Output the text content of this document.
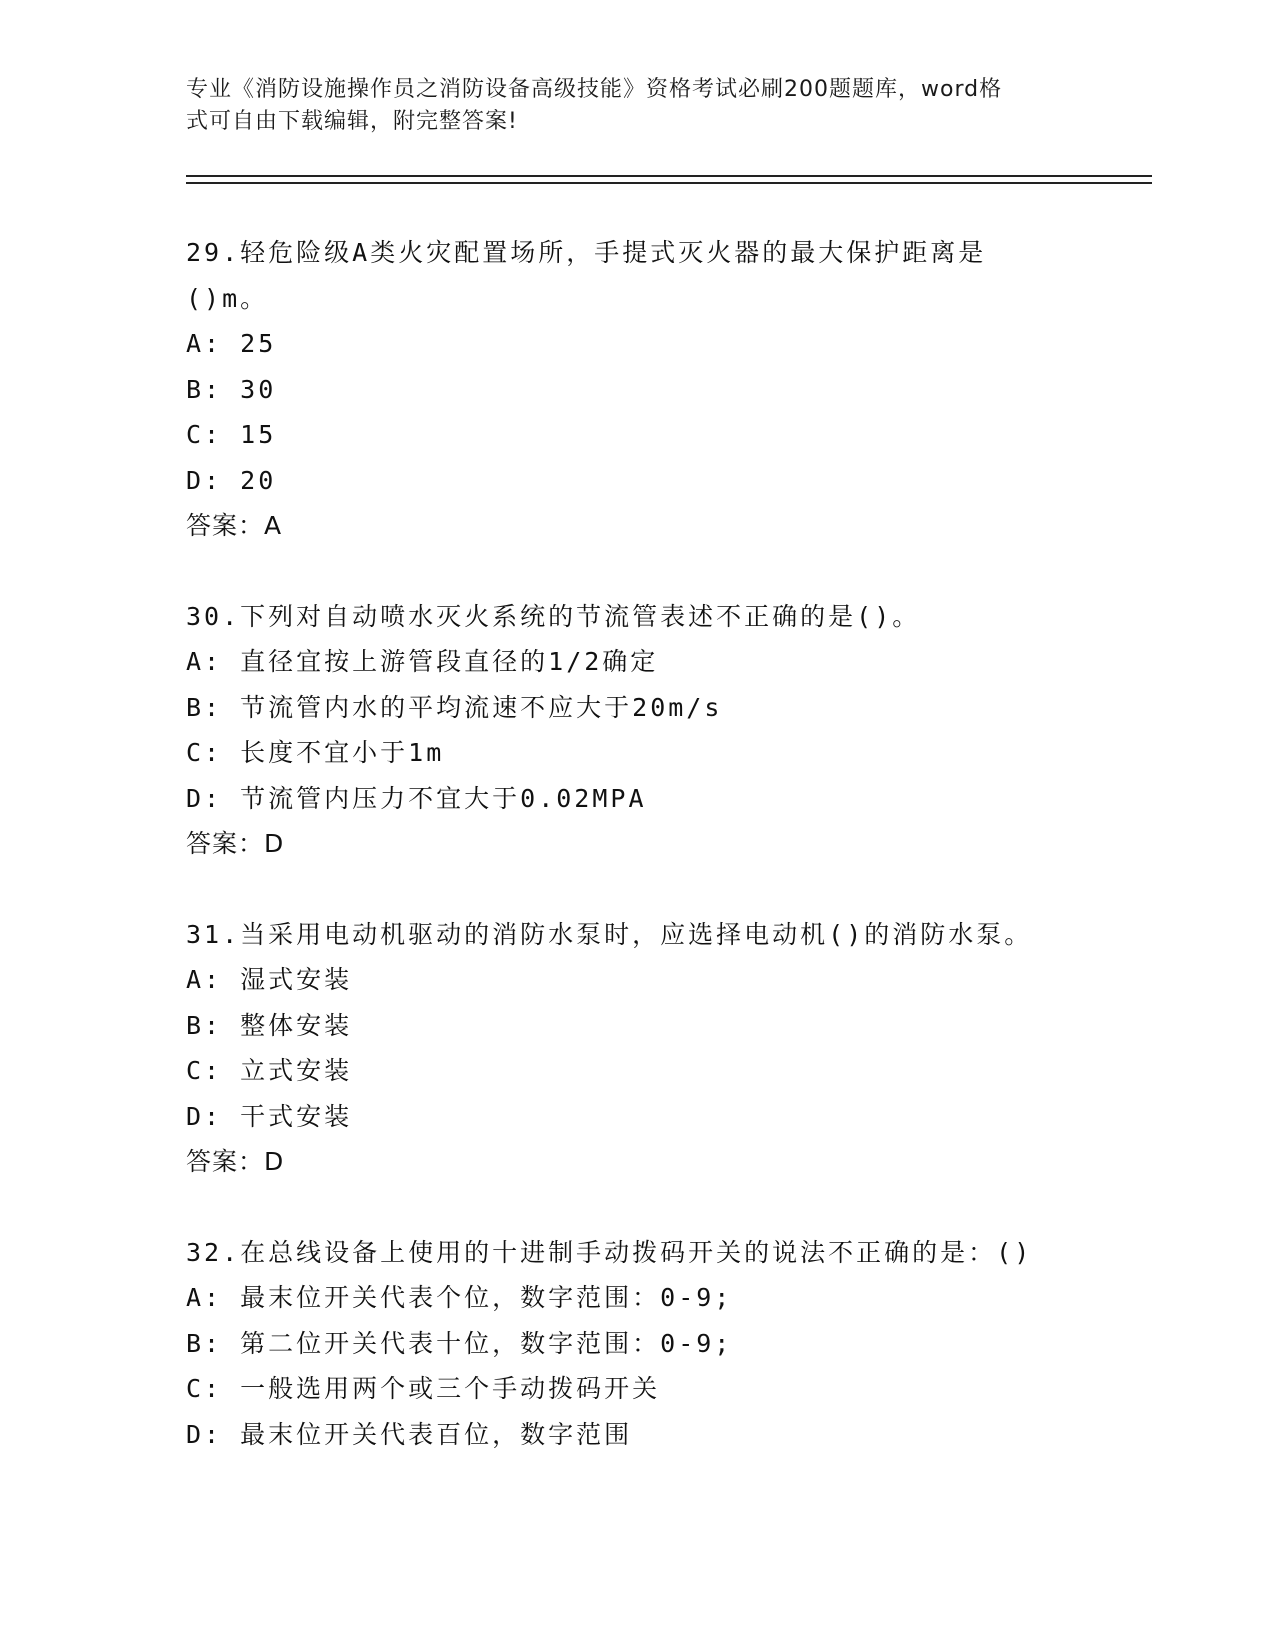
专业《消防设施操作员之消防设备高级技能》资格考试必刷200题题库，word格
式可自由下载编辑，附完整答案!
29.轻危险级A类火灾配置场所，手提式灭火器的最大保护距离是()m。
A: 25
B: 30
C: 15
D: 20
答案：A
30.下列对自动喷水灭火系统的节流管表述不正确的是()。
A: 直径宜按上游管段直径的1/2确定
B: 节流管内水的平均流速不应大于20m/s
C: 长度不宜小于1m
D: 节流管内压力不宜大于0.02MPA
答案：D
31.当采用电动机驱动的消防水泵时，应选择电动机()的消防水泵。
A: 湿式安装
B: 整体安装
C: 立式安装
D: 干式安装
答案：D
32.在总线设备上使用的十进制手动拨码开关的说法不正确的是：()
A: 最末位开关代表个位，数字范围：0-9;
B: 第二位开关代表十位，数字范围：0-9;
C: 一般选用两个或三个手动拨码开关
D: 最末位开关代表百位，数字范围
